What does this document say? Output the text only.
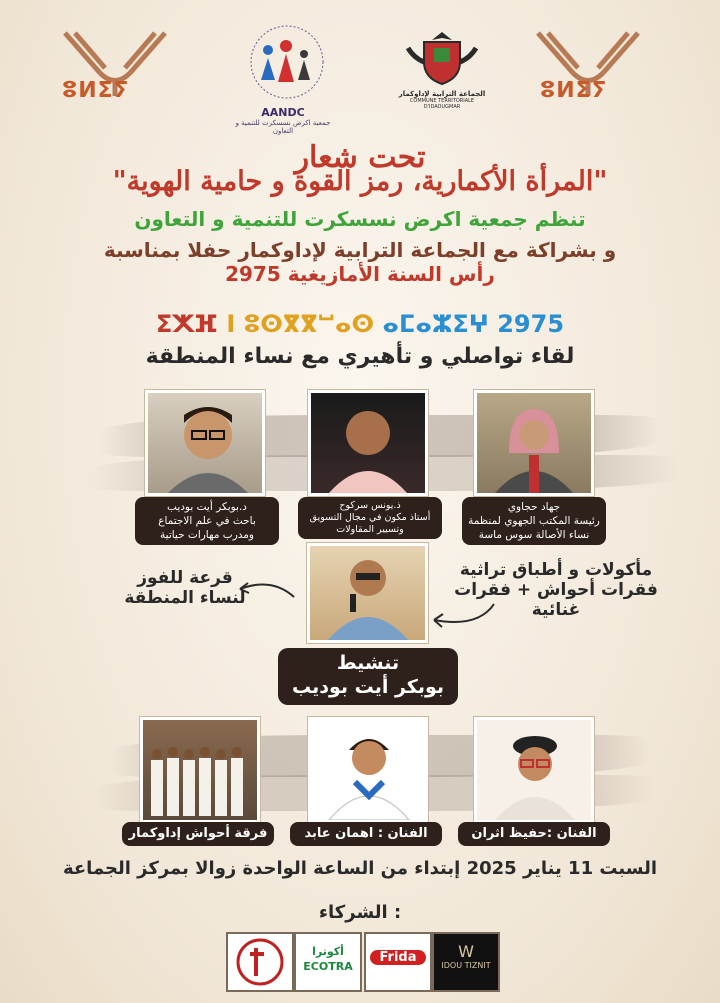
ⵓⵍⵉⵢ	ⵓⵍⵉⵢ
AANDC
جمعية اكرض نسسكرت للتنمية و التعاون
الجماعة الترابية لإداوكمار
COMMUNE TERRITORIALE D'IDAOUGMAR
تحت شعار
"المرأة الأكمارية، رمز القوة و حامية الهوية"
تنظم جمعية اكرض نسسكرت للتنمية و التعاون
و بشراكة مع الجماعة الترابية لإداوكمار حفلا بمناسبة
رأس السنة الأمازيغية 2975
ⵉⵅⴼ ⵏ ⵓⵙⴳⴳⵯⴰⵙ ⴰⵎⴰⵣⵉⵖ 2975
لقاء تواصلي و تأهيري مع نساء المنطقة
د.بوبكر أيت بوديب
باحث في علم الاجتماع
ومدرب مهارات حياتية
ذ.يونس سركوح
أستاذ مكون في مجال التسويق
وتسيير المقاولات
جهاد حجاوي
رئيسة المكتب الجهوي لمنظمة
نساء الأصالة سوس ماسة
قرعة للفوز
لنساء المنطقة
مأكولات و أطباق تراثية
فقرات أحواش + فقرات غنائية
تنشيط
بوبكر أيت بوديب
فرقة أحواش إداوكمار	الفنان : اهمان عابد	الفنان :حفيظ اثران
السبت 11 يناير 2025 إبتداء من الساعة الواحدة زوالا بمركز الجماعة
الشركاء :
W
IDOU TIZNIT
Frida
أكوترا ECOTRA
